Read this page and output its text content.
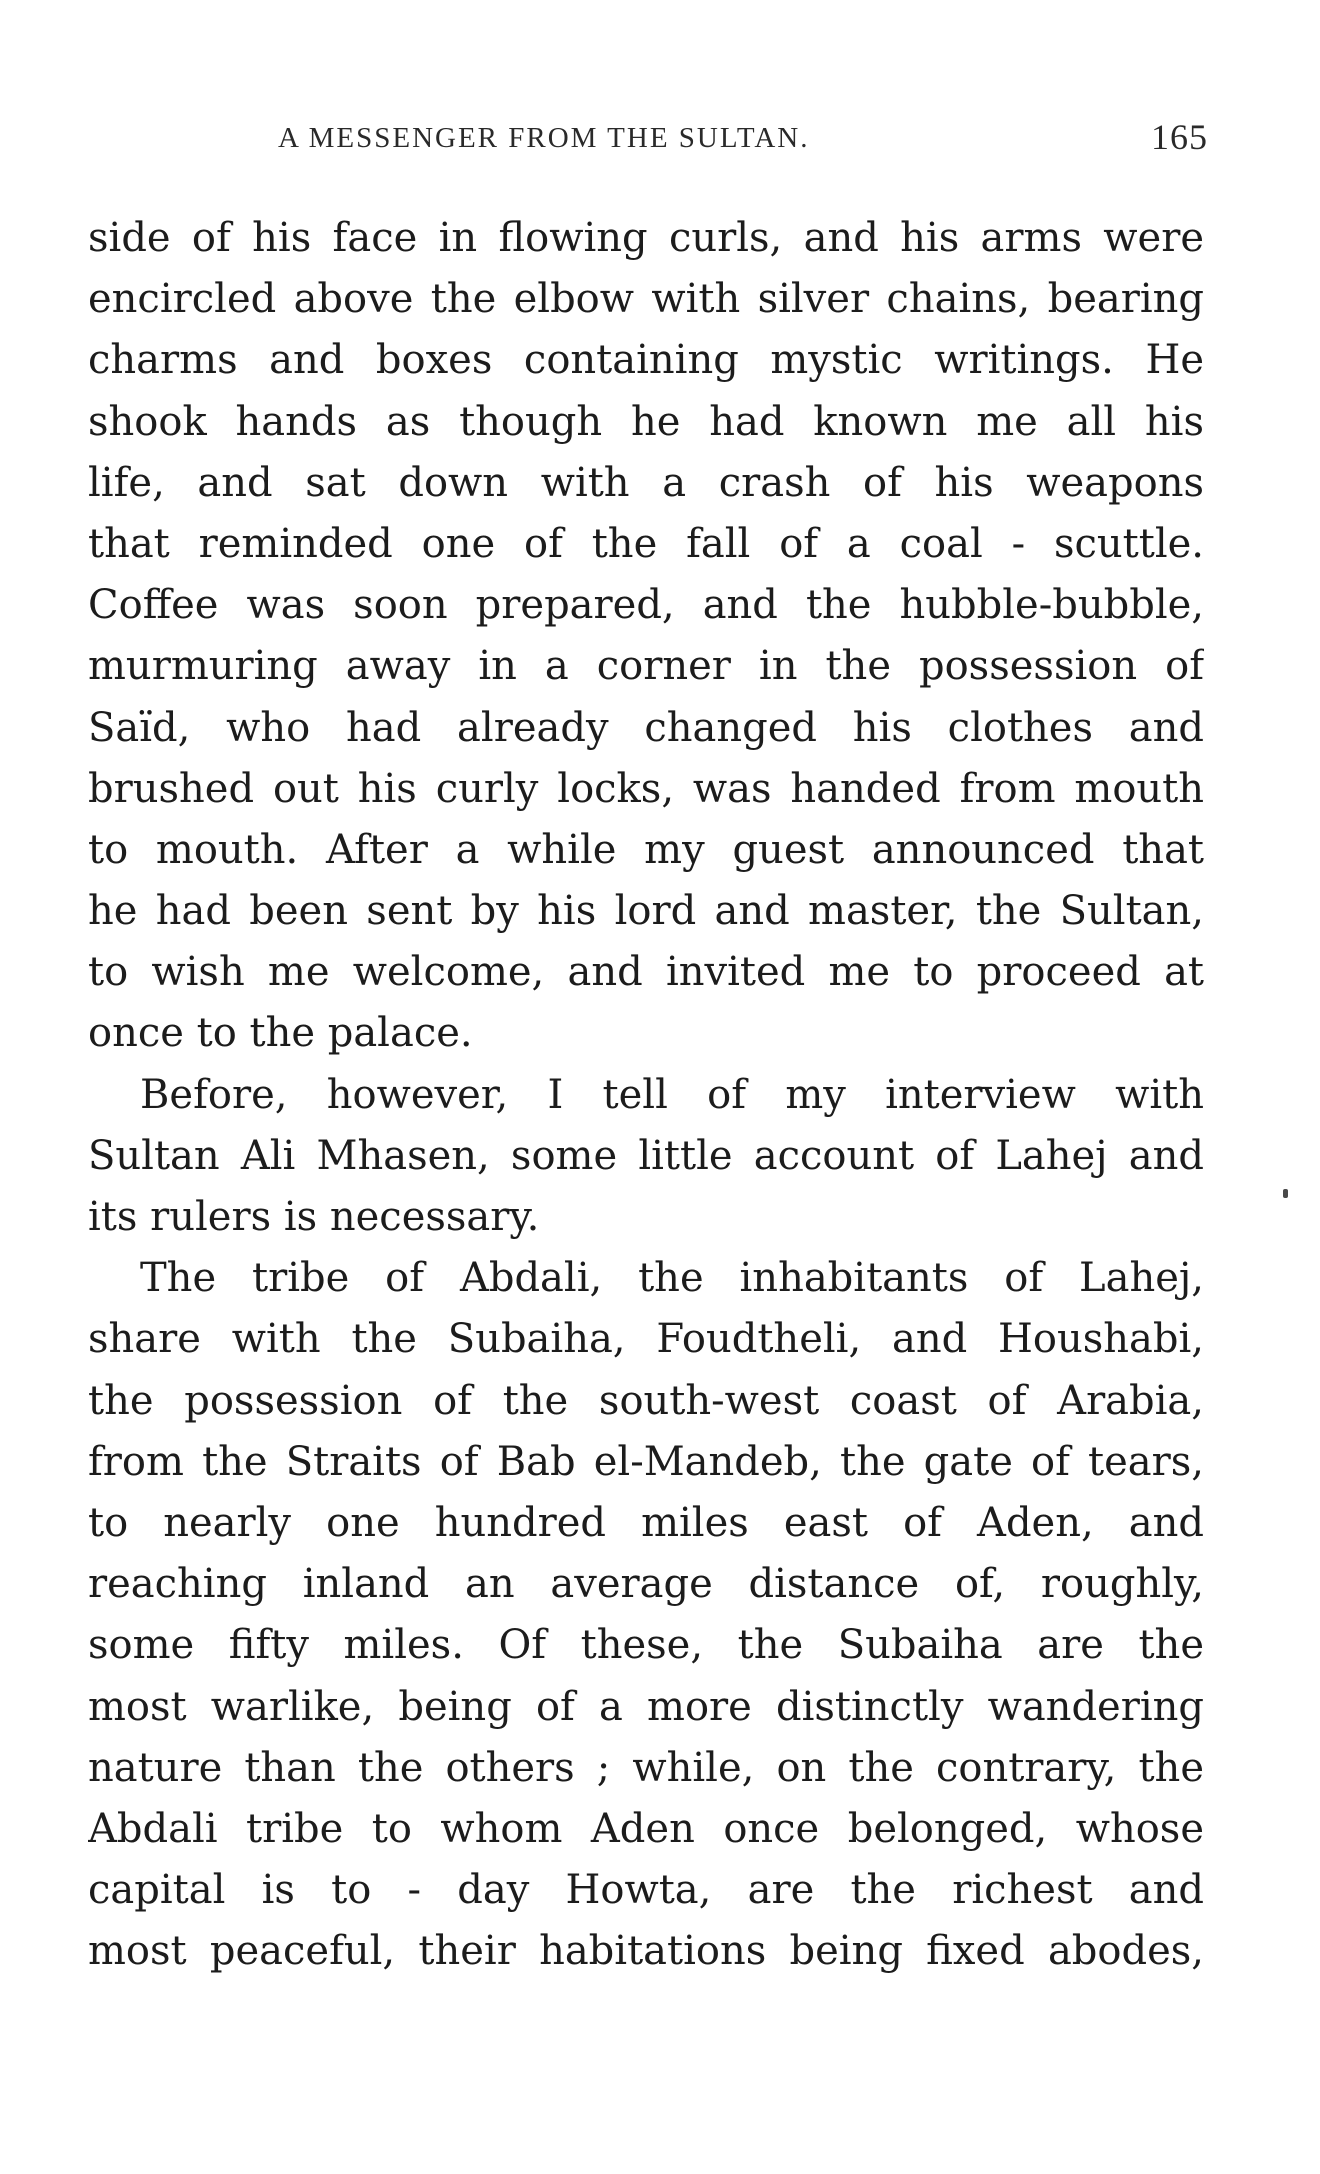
A MESSENGER FROM THE SULTAN.	165
side of his face in flowing curls, and his arms were
encircled above the elbow with silver chains, bearing
charms and boxes containing mystic writings. He
shook hands as though he had known me all his
life, and sat down with a crash of his weapons
that reminded one of the fall of a coal - scuttle.
Coffee was soon prepared, and the hubble-bubble,
murmuring away in a corner in the possession of
Saïd, who had already changed his clothes and
brushed out his curly locks, was handed from mouth
to mouth. After a while my guest announced that
he had been sent by his lord and master, the Sultan,
to wish me welcome, and invited me to proceed at
once to the palace.
Before, however, I tell of my interview with
Sultan Ali Mhasen, some little account of Lahej and
its rulers is necessary.
The tribe of Abdali, the inhabitants of Lahej,
share with the Subaiha, Foudtheli, and Houshabi,
the possession of the south-west coast of Arabia,
from the Straits of Bab el-Mandeb, the gate of tears,
to nearly one hundred miles east of Aden, and
reaching inland an average distance of, roughly,
some fifty miles. Of these, the Subaiha are the
most warlike, being of a more distinctly wandering
nature than the others ; while, on the contrary, the
Abdali tribe to whom Aden once belonged, whose
capital is to - day Howta, are the richest and
most peaceful, their habitations being fixed abodes,
